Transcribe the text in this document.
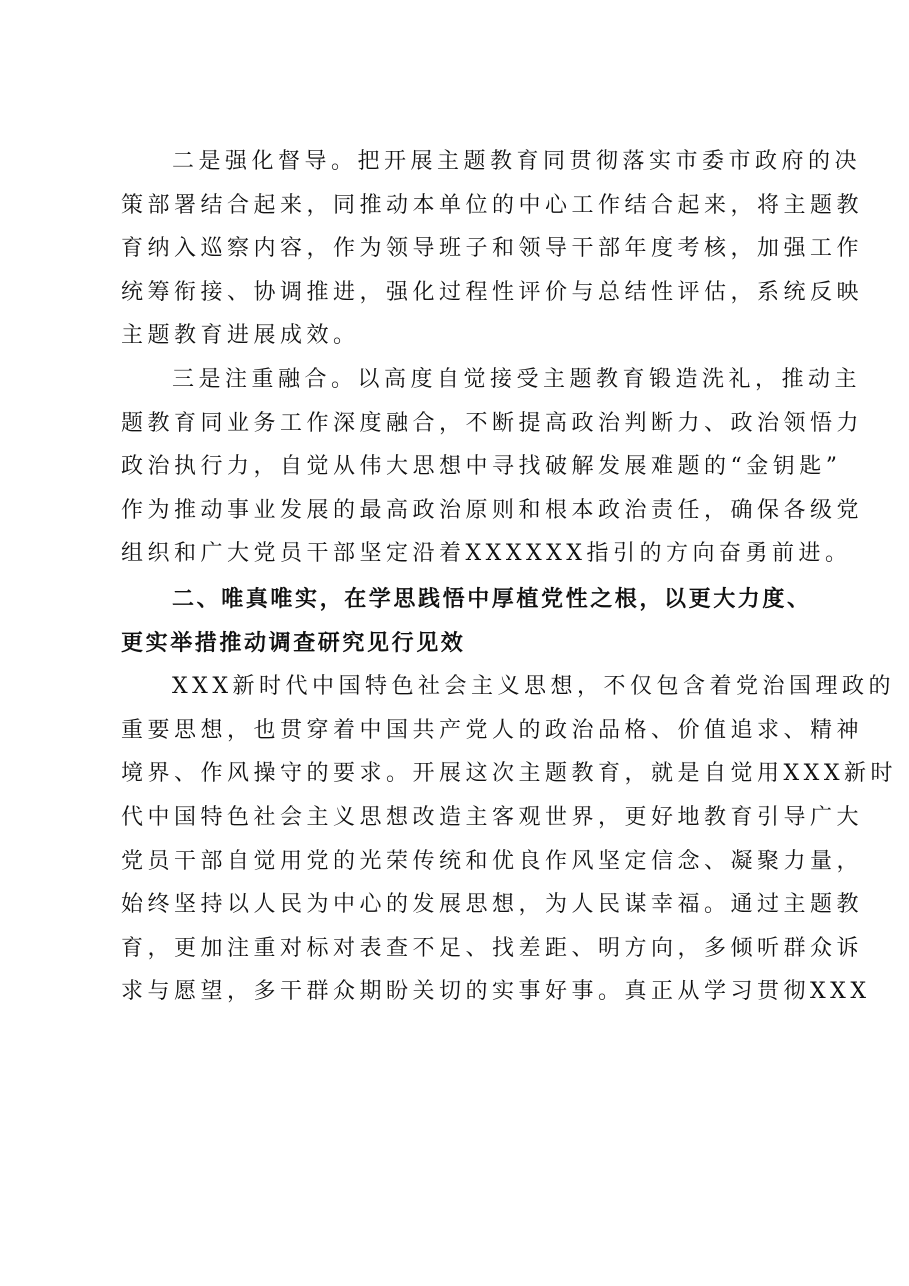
二是强化督导。把开展主题教育同贯彻落实市委市政府的决
策部署结合起来，同推动本单位的中心工作结合起来，将主题教
育纳入巡察内容，作为领导班子和领导干部年度考核，加强工作
统筹衔接、协调推进，强化过程性评价与总结性评估，系统反映
主题教育进展成效。
三是注重融合。以高度自觉接受主题教育锻造洗礼，推动主
题教育同业务工作深度融合，不断提高政治判断力、政治领悟力
政治执行力，自觉从伟大思想中寻找破解发展难题的“金钥匙”
作为推动事业发展的最高政治原则和根本政治责任，确保各级党
组织和广大党员干部坚定沿着XXXXXX指引的方向奋勇前进。
二、唯真唯实，在学思践悟中厚植党性之根，以更大力度、
更实举措推动调查研究见行见效
XXX新时代中国特色社会主义思想，不仅包含着党治国理政的
重要思想，也贯穿着中国共产党人的政治品格、价值追求、精神
境界、作风操守的要求。开展这次主题教育，就是自觉用XXX新时
代中国特色社会主义思想改造主客观世界，更好地教育引导广大
党员干部自觉用党的光荣传统和优良作风坚定信念、凝聚力量，
始终坚持以人民为中心的发展思想，为人民谋幸福。通过主题教
育，更加注重对标对表查不足、找差距、明方向，多倾听群众诉
求与愿望，多干群众期盼关切的实事好事。真正从学习贯彻XXX
